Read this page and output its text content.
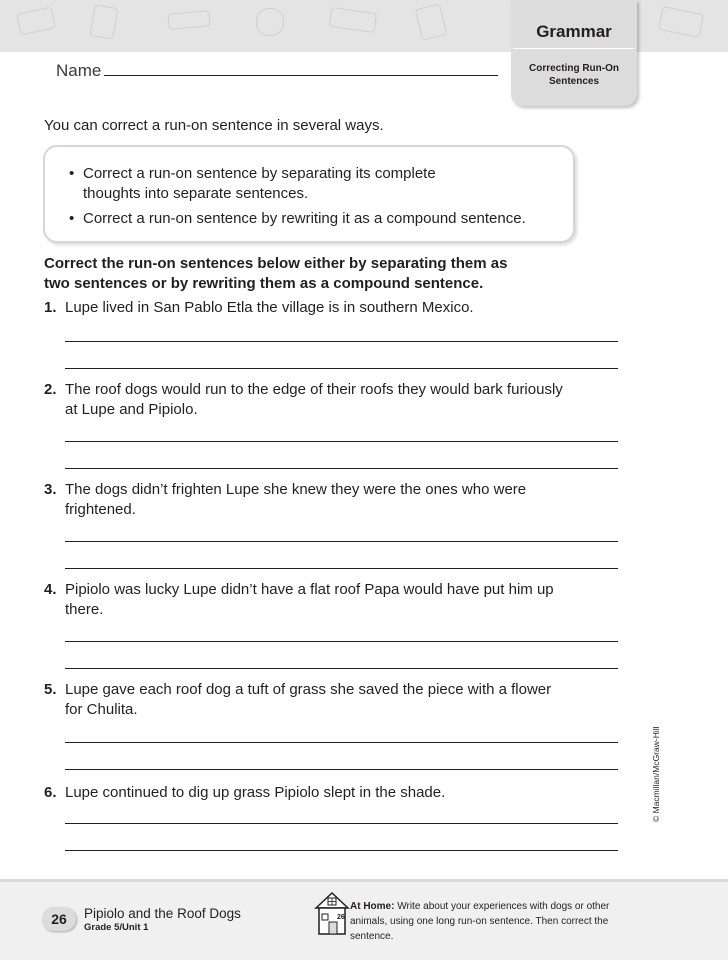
Grammar
Correcting Run-On
Sentences
Name
You can correct a run-on sentence in several ways.
• Correct a run-on sentence by separating its complete
thoughts into separate sentences.
• Correct a run-on sentence by rewriting it as a compound sentence.
Correct the run-on sentences below either by separating them as
two sentences or by rewriting them as a compound sentence.
1. Lupe lived in San Pablo Etla the village is in southern Mexico.
2. The roof dogs would run to the edge of their roofs they would bark furiously
at Lupe and Pipiolo.
3. The dogs didn’t frighten Lupe she knew they were the ones who were
frightened.
4. Pipiolo was lucky Lupe didn’t have a flat roof Papa would have put him up
there.
5. Lupe gave each roof dog a tuft of grass she saved the piece with a flower
for Chulita.
6. Lupe continued to dig up grass Pipiolo slept in the shade.	© Macmillan/McGraw-Hill
26	Pipiolo and the Roof Dogs
Grade 5/Unit 1
26
At Home: Write about your experiences with dogs or other
animals, using one long run-on sentence. Then correct the
sentence.
